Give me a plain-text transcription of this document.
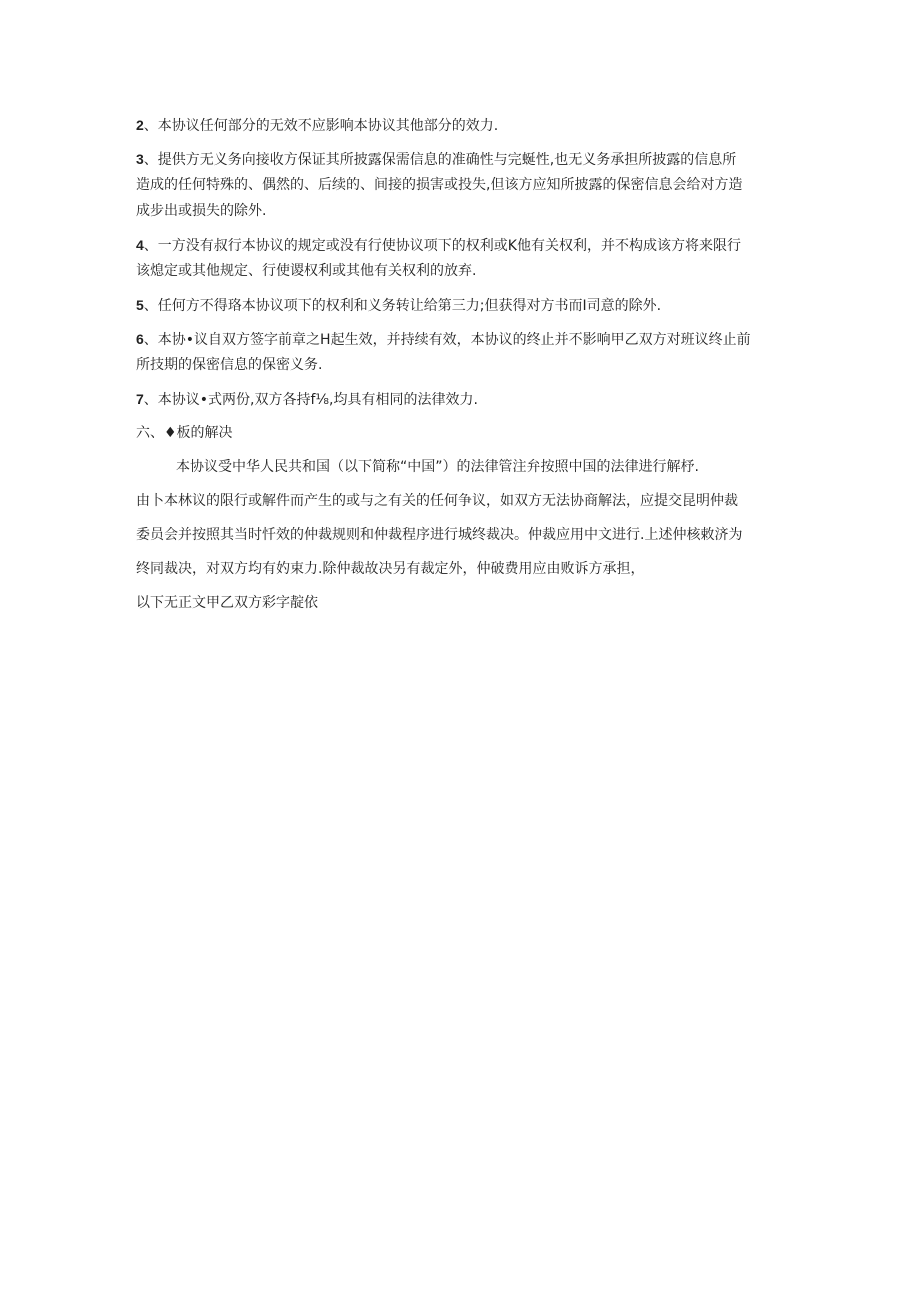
2、本协议任何部分的无效不应影响本协议其他部分的效力.

3、提供方无义务向接收方保证其所披露保需信息的准确性与完蜒性,也无义务承担所披露的信息所

造成的任何特殊的、偶然的、后续的、间接的损害或投失,但该方应知所披露的保密信息会给对方造

成步出或损失的除外.

4、一方没有叔行本协议的规定或没有行使协议项下的权利或K他有关权利，并不构成该方将来限行

该熄定或其他规定、行使谡权利或其他有关权利的放弃.

5、任何方不得珞本协议项下的权利和义务转让给第三力;但获得对方书而I司意的除外.

6、本协•议自双方签字前章之H起生效，并持续有效，本协议的终止并不影响甲乙双方对班议终止前

所技期的保密信息的保密义务.

7、本协议•式两份,双方各持f⅛,均具有相同的法律效力.

六、♦板的解决

本协议受中华人民共和国（以下简称“中国”）的法律管注弁按照中国的法律进行解杼.

由卜本林议的限行或解件而产生的或与之有关的任何争议，如双方无法协商解法，应提交昆明仲裁

委员会并按照其当时忏效的仲裁规则和仲裁程序进行城终裁决。仲裁应用中文进行.上述仲核敕济为

终同裁决，对双方均有妁束力.除仲裁故决另有裁定外，仲破费用应由败诉方承担，

以下无正文甲乙双方彩字靛依
